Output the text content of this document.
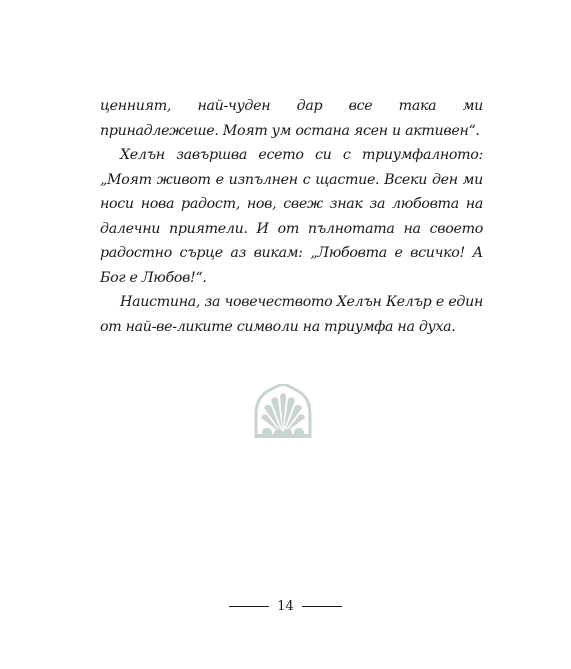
ценният, най-чуден дар все така ми принадлежеше. Моят ум остана ясен и активен“.

Хелън завършва есето си с триумфалното: „Моят живот е изпълнен с щастие. Всеки ден ми носи нова радост, нов, свеж знак за любовта на далечни приятели. И от пълнотата на своето радостно сърце аз викам: „Любовта е всичко! А Бог е Любов!“.

Наистина, за човечеството Хелън Келър е един от най-ве-ликите символи на триумфа на духа.

14
